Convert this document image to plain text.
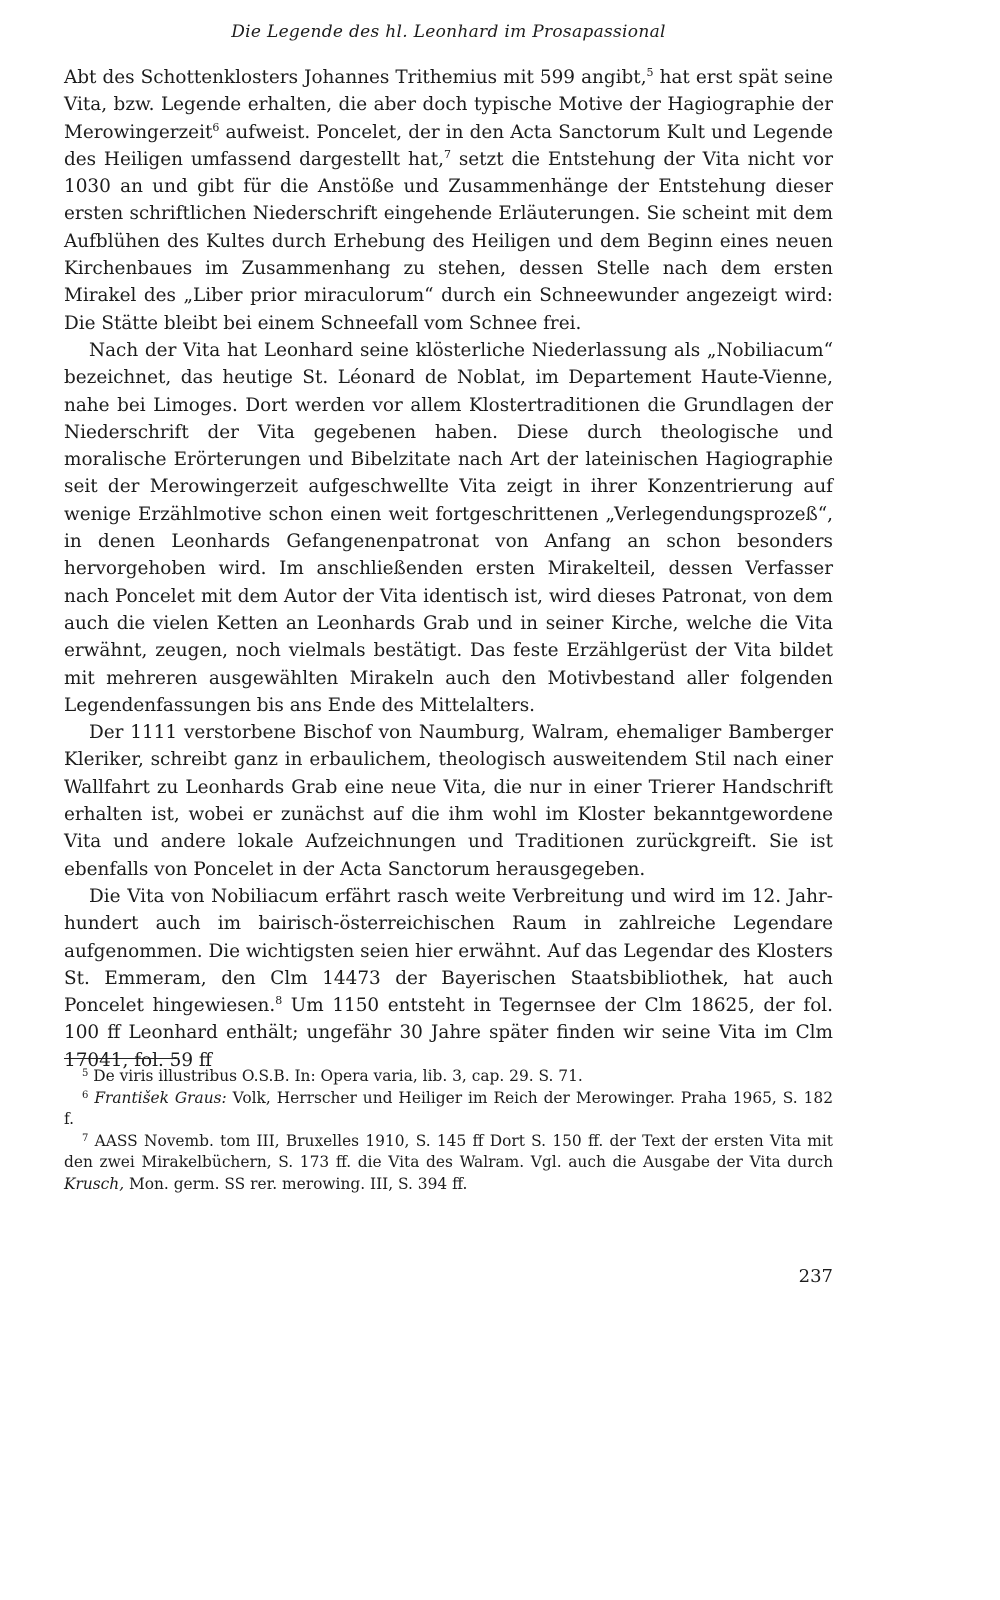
Die Legende des hl. Leonhard im Prosapassional

Abt des Schottenklosters Johannes Trithemius mit 599 angibt,$^5$ hat erst spät seine Vita, bzw. Legende erhalten, die aber doch typische Motive der Hagiographie der Merowingerzeit$^6$ aufweist. Poncelet, der in den Acta Sanctorum Kult und Legende des Heiligen umfassend dargestellt hat,$^7$ setzt die Entstehung der Vita nicht vor 1030 an und gibt für die Anstöße und Zusammenhänge der Entstehung dieser ersten schriftlichen Niederschrift eingehende Erläuterungen. Sie scheint mit dem Aufblühen des Kultes durch Erhebung des Heiligen und dem Beginn eines neuen Kirchenbaues im Zusammenhang zu stehen, dessen Stelle nach dem ersten Mirakel des „Liber prior miraculorum“ durch ein Schneewunder angezeigt wird: Die Stätte bleibt bei einem Schneefall vom Schnee frei.

Nach der Vita hat Leonhard seine klösterliche Niederlassung als „Nobiliacum“ bezeichnet, das heutige St. Léonard de Noblat, im Departement Haute-Vienne, nahe bei Limoges. Dort werden vor allem Klostertraditionen die Grundlagen der Niederschrift der Vita gegebenen haben. Diese durch theologische und moralische Erörterungen und Bibelzitate nach Art der lateinischen Hagiographie seit der Merowingerzeit aufgeschwellte Vita zeigt in ihrer Konzentrierung auf wenige Erzählmotive schon einen weit fortgeschrittenen „Verlegendungsprozeß“, in denen Leonhards Gefangenenpatronat von Anfang an schon besonders hervorgehoben wird. Im anschließenden ersten Mirakelteil, dessen Verfasser nach Poncelet mit dem Autor der Vita identisch ist, wird dieses Patronat, von dem auch die vielen Ketten an Leonhards Grab und in seiner Kirche, welche die Vita erwähnt, zeugen, noch vielmals bestätigt. Das feste Erzählgerüst der Vita bildet mit mehreren ausgewählten Mirakeln auch den Motivbestand aller folgenden Legendenfassungen bis ans Ende des Mittelalters.

Der 1111 verstorbene Bischof von Naumburg, Walram, ehemaliger Bamberger Kleriker, schreibt ganz in erbaulichem, theologisch ausweitendem Stil nach einer Wallfahrt zu Leonhards Grab eine neue Vita, die nur in einer Trierer Handschrift erhalten ist, wobei er zunächst auf die ihm wohl im Kloster bekanntgewordene Vita und andere lokale Aufzeichnungen und Traditionen zurückgreift. Sie ist ebenfalls von Poncelet in der Acta Sanctorum herausgegeben.

Die Vita von Nobiliacum erfährt rasch weite Verbreitung und wird im 12. Jahrhundert auch im bairisch-österreichischen Raum in zahlreiche Legendare aufgenommen. Die wichtigsten seien hier erwähnt. Auf das Legendar des Klosters St. Emmeram, den Clm 14473 der Bayerischen Staatsbibliothek, hat auch Poncelet hingewiesen.$^8$ Um 1150 entsteht in Tegernsee der Clm 18625, der fol. 100 ff Leonhard enthält; ungefähr 30 Jahre später finden wir seine Vita im Clm 17041, fol. 59 ff

$^5$ De viris illustribus O.S.B. In: Opera varia, lib. 3, cap. 29. S. 71.

$^6$ František Graus: Volk, Herrscher und Heiliger im Reich der Merowinger. Praha 1965, S. 182 f.

$^7$ AASS Novemb. tom III, Bruxelles 1910, S. 145 ff Dort S. 150 ff. der Text der ersten Vita mit den zwei Mirakelbüchern, S. 173 ff. die Vita des Walram. Vgl. auch die Ausgabe der Vita durch Krusch, Mon. germ. SS rer. merowing. III, S. 394 ff.

237
